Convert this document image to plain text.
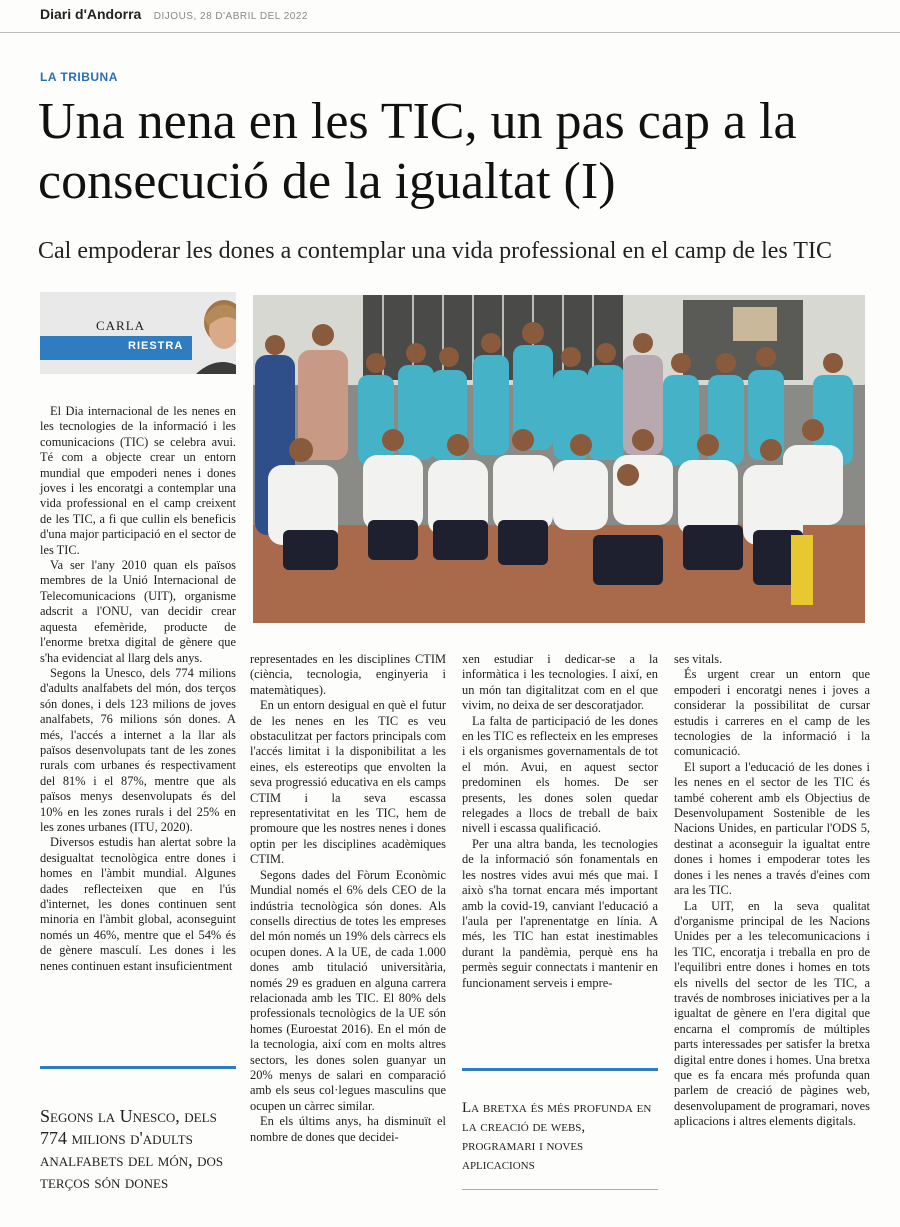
Diari d'Andorra DIJOUS, 28 D'ABRIL DEL 2022
LA TRIBUNA
Una nena en les TIC, un pas cap a la consecució de la igualtat (I)
Cal empoderar les dones a contemplar una vida professional en el camp de les TIC
CARLA
RIESTRA

El Dia internacional de les nenes en les tecnologies de la informació i les comunicacions (TIC) se celebra avui. Té com a objecte crear un entorn mundial que empoderi nenes i dones joves i les encoratgi a contemplar una vida professional en el camp creixent de les TIC, a fi que cullin els beneficis d'una major participació en el sector de les TIC.

Va ser l'any 2010 quan els països membres de la Unió Internacional de Telecomunicacions (UIT), organisme adscrit a l'ONU, van decidir crear aquesta efemèride, producte de l'enorme bretxa digital de gènere que s'ha evidenciat al llarg dels anys.

Segons la Unesco, dels 774 milions d'adults analfabets del món, dos terços són dones, i dels 123 milions de joves analfabets, 76 milions són dones. A més, l'accés a internet a la llar als països desenvolupats tant de les zones rurals com urbanes és respectivament del 81% i el 87%, mentre que als països menys desenvolupats és del 10% en les zones rurals i del 25% en les zones urbanes (ITU, 2020).

Diversos estudis han alertat sobre la desigualtat tecnològica entre dones i homes en l'àmbit mundial. Algunes dades reflecteixen que en l'ús d'internet, les dones continuen sent minoria en l'àmbit global, aconseguint només un 46%, mentre que el 54% és de gènere masculí. Les dones i les nenes continuen estant insuficientment

representades en les disciplines CTIM (ciència, tecnologia, enginyeria i matemàtiques).

En un entorn desigual en què el futur de les nenes en les TIC es veu obstaculitzat per factors principals com l'accés limitat i la disponibilitat a les eines, els estereotips que envolten la seva progressió educativa en els camps CTIM i la seva escassa representativitat en les TIC, hem de promoure que les nostres nenes i dones optin per les disciplines acadèmiques CTIM.

Segons dades del Fòrum Econòmic Mundial només el 6% dels CEO de la indústria tecnològica són dones. Als consells directius de totes les empreses del món només un 19% dels càrrecs els ocupen dones. A la UE, de cada 1.000 dones amb titulació universitària, només 29 es graduen en alguna carrera relacionada amb les TIC. El 80% dels professionals tecnològics de la UE són homes (Euroestat 2016). En el món de la tecnologia, així com en molts altres sectors, les dones solen guanyar un 20% menys de salari en comparació amb els seus col·legues masculins que ocupen un càrrec similar.

En els últims anys, ha disminuït el nombre de dones que decidei-

xen estudiar i dedicar-se a la informàtica i les tecnologies. I així, en un món tan digitalitzat com en el que vivim, no deixa de ser descoratjador.

La falta de participació de les dones en les TIC es reflecteix en les empreses i els organismes governamentals de tot el món. Avui, en aquest sector predominen els homes. De ser presents, les dones solen quedar relegades a llocs de treball de baix nivell i escassa qualificació.

Per una altra banda, les tecnologies de la informació són fonamentals en les nostres vides avui més que mai. I això s'ha tornat encara més important amb la covid-19, canviant l'educació a l'aula per l'aprenentatge en línia. A més, les TIC han estat inestimables durant la pandèmia, perquè ens ha permès seguir connectats i mantenir en funcionament serveis i empre-

ses vitals.

És urgent crear un entorn que empoderi i encoratgi nenes i joves a considerar la possibilitat de cursar estudis i carreres en el camp de les tecnologies de la informació i la comunicació.

El suport a l'educació de les dones i les nenes en el sector de les TIC és també coherent amb els Objectius de Desenvolupament Sostenible de les Nacions Unides, en particular l'ODS 5, destinat a aconseguir la igualtat entre dones i homes i empoderar totes les dones i les nenes a través d'eines com ara les TIC.

La UIT, en la seva qualitat d'organisme principal de les Nacions Unides per a les telecomunicacions i les TIC, encoratja i treballa en pro de l'equilibri entre dones i homes en tots els nivells del sector de les TIC, a través de nombroses iniciatives per a la igualtat de gènere en l'era digital que encarna el compromís de múltiples parts interessades per satisfer la bretxa digital entre dones i homes. Una bretxa que es fa encara més profunda quan parlem de creació de pàgines web, desenvolupament de programari, noves aplicacions i altres elements digitals.

Segons la Unesco, dels 774 milions d'adults analfabets del món, dos terços són dones
La bretxa és més profunda en la creació de webs, programari i noves aplicacions
